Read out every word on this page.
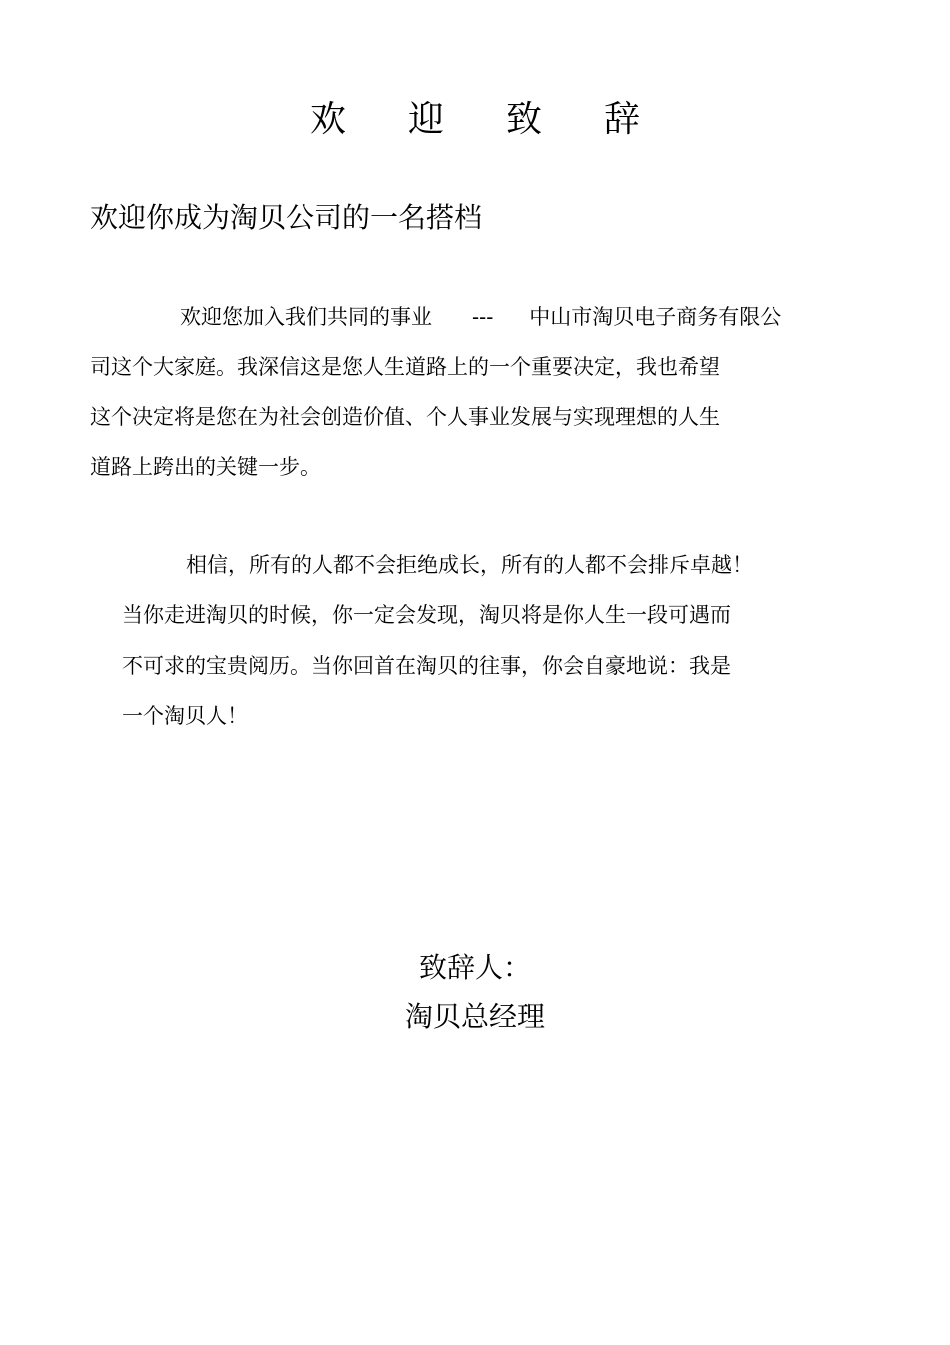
欢 迎 致 辞
欢迎你成为淘贝公司的一名搭档
欢迎您加入我们共同的事业 --- 中山市淘贝电子商务有限公
司这个大家庭。我深信这是您人生道路上的一个重要决定，我也希望
这个决定将是您在为社会创造价值、个人事业发展与实现理想的人生
道路上跨出的关键一步。
相信，所有的人都不会拒绝成长，所有的人都不会排斥卓越！
当你走进淘贝的时候，你一定会发现，淘贝将是你人生一段可遇而
不可求的宝贵阅历。当你回首在淘贝的往事，你会自豪地说：我是
一个淘贝人！
致辞人：
淘贝总经理
